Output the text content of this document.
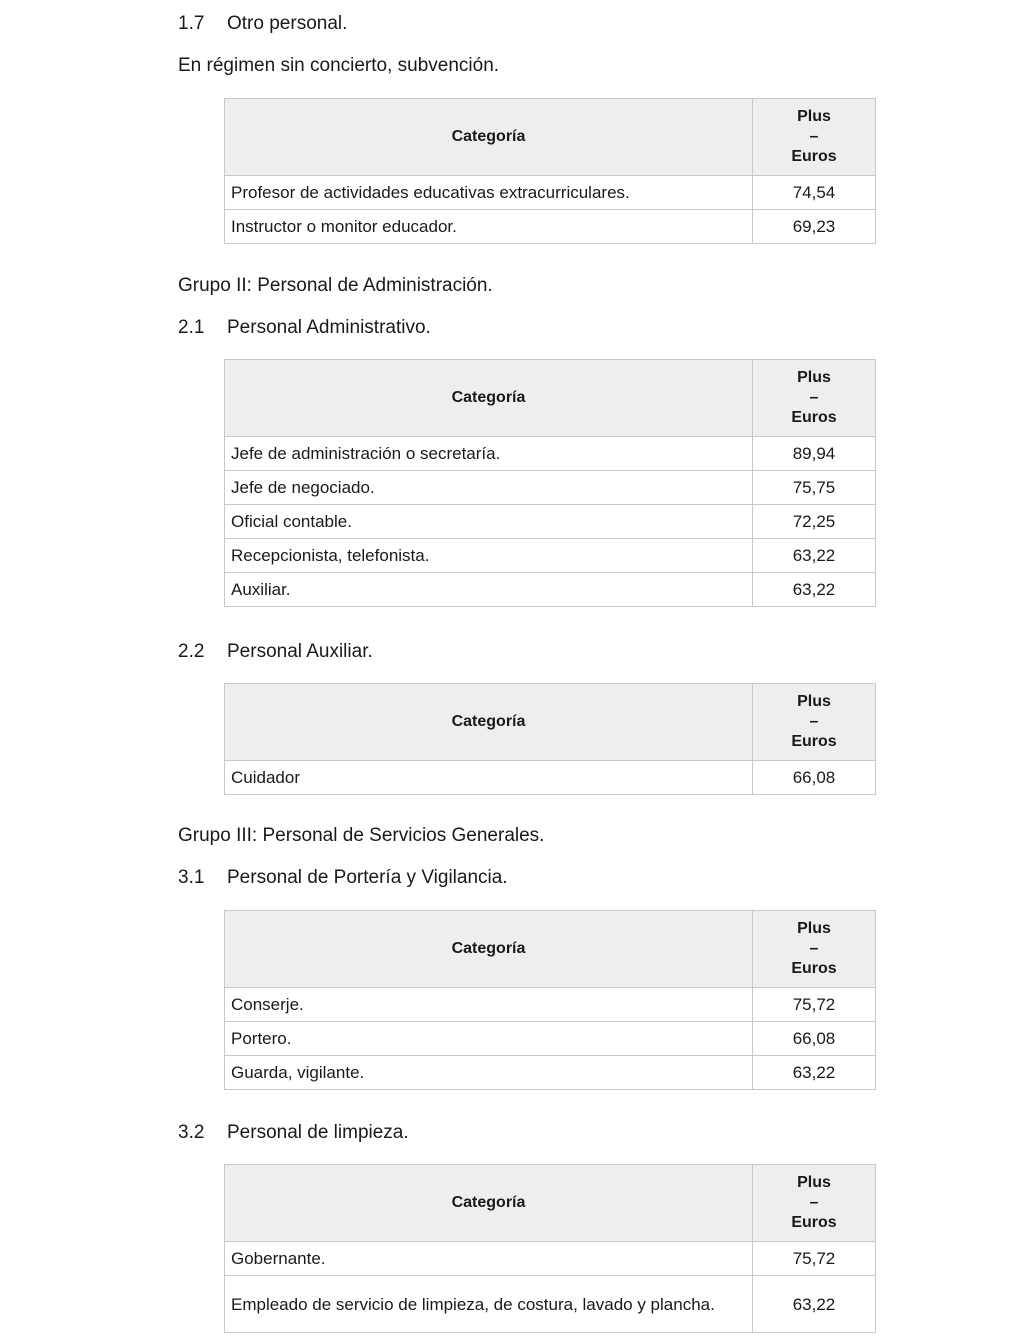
1.7 Otro personal.
En régimen sin concierto, subvención.
Categoría	Plus
–
Euros

Profesor de actividades educativas extracurriculares.	74,54
Instructor o monitor educador.	69,23
Grupo II: Personal de Administración.
2.1 Personal Administrativo.
Categoría	Plus
–
Euros

Jefe de administración o secretaría.	89,94
Jefe de negociado.	75,75
Oficial contable.	72,25
Recepcionista, telefonista.	63,22
Auxiliar.	63,22
2.2 Personal Auxiliar.
Categoría	Plus
–
Euros

Cuidador	66,08
Grupo III: Personal de Servicios Generales.
3.1 Personal de Portería y Vigilancia.
Categoría	Plus
–
Euros

Conserje.	75,72
Portero.	66,08
Guarda, vigilante.	63,22
3.2 Personal de limpieza.
Categoría	Plus
–
Euros

Gobernante.	75,72
Empleado de servicio de limpieza, de costura, lavado y plancha.	63,22
